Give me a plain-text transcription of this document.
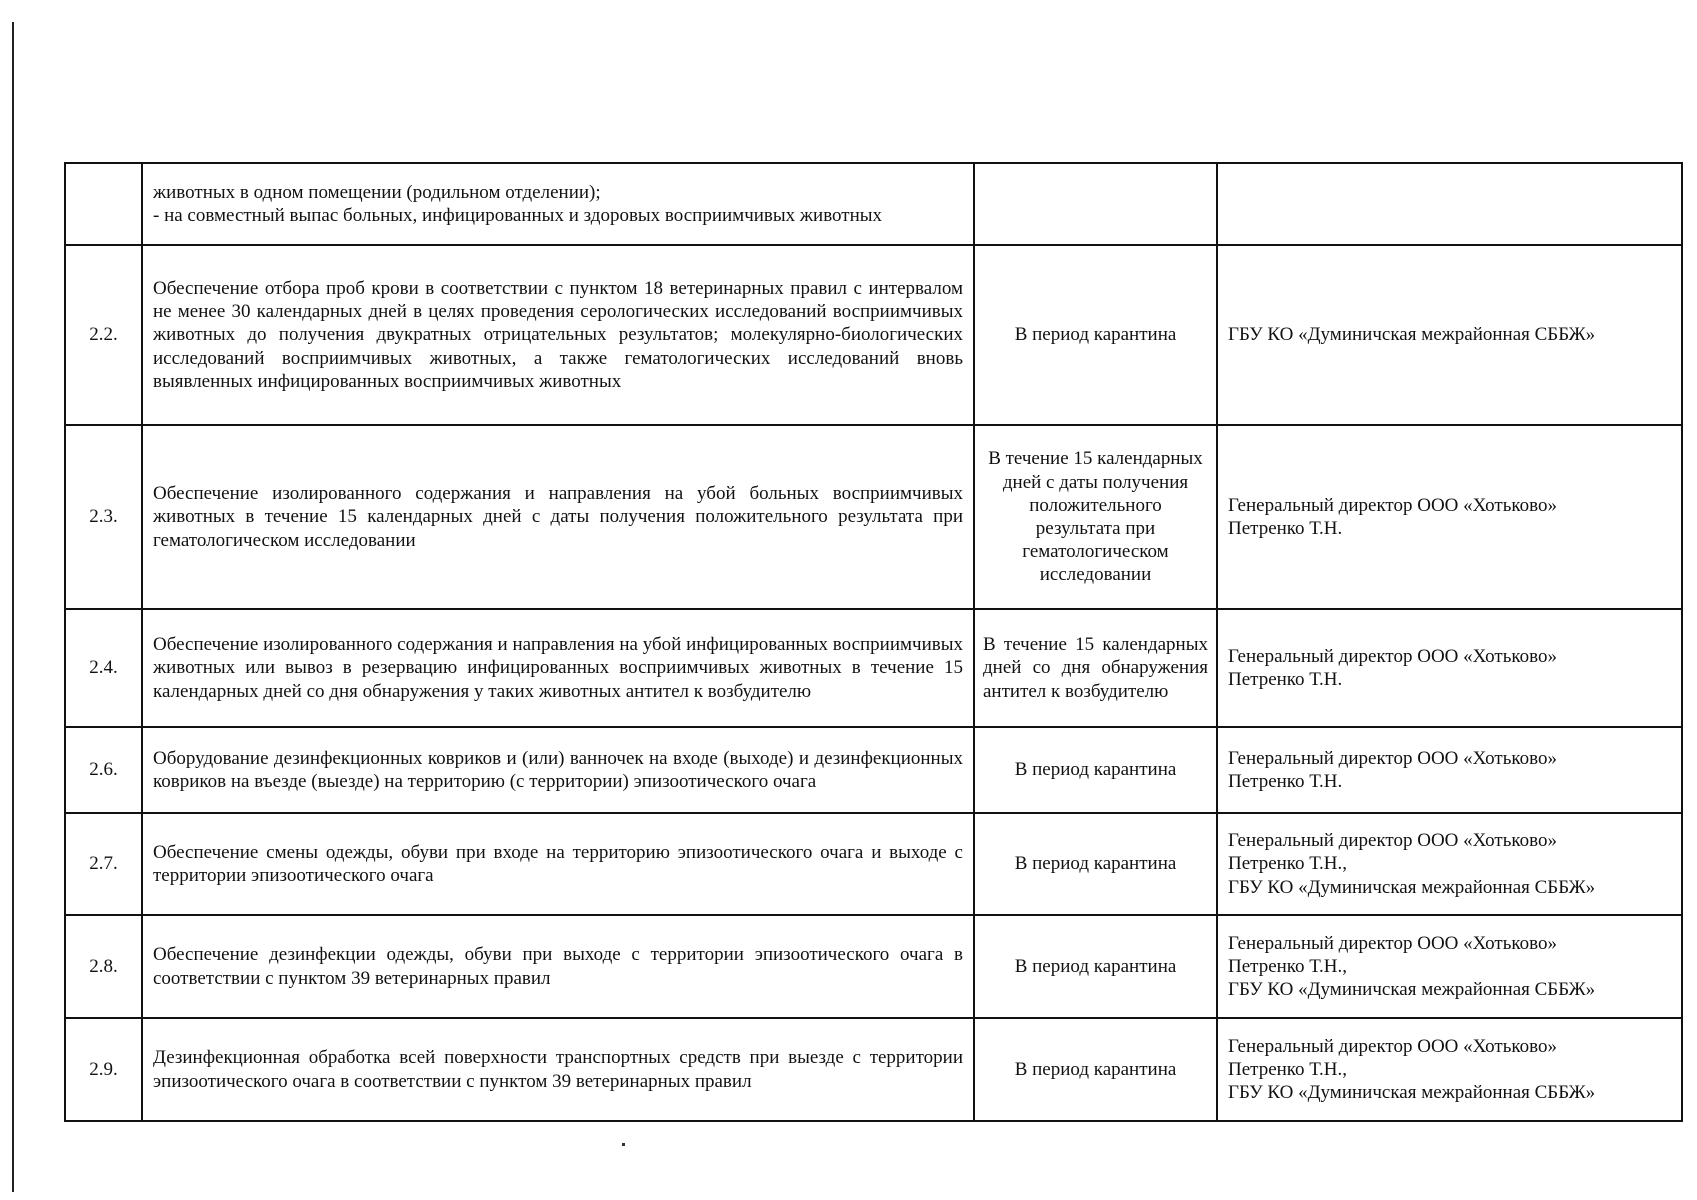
	животных в одном помещении (родильном отделении);
- на совместный выпас больных, инфицированных и здоровых восприимчивых животных		

2.2.	Обеспечение отбора проб крови в соответствии с пунктом 18 ветеринарных правил с интервалом не менее 30 календарных дней в целях проведения серологических исследований восприимчивых животных до получения двукратных отрицательных результатов; молекулярно-биологических исследований восприимчивых животных, а также гематологических исследований вновь выявленных инфицированных восприимчивых животных	В период карантина	ГБУ КО «Думиничская межрайонная СББЖ»

2.3.	Обеспечение изолированного содержания и направления на убой больных восприимчивых животных в течение 15 календарных дней с даты получения положительного результата при гематологическом исследовании	В течение 15 календарных дней с даты получения положительного результата при гематологическом исследовании	Генеральный директор ООО «Хотьково»
Петренко Т.Н.

2.4.	Обеспечение изолированного содержания и направления на убой инфицированных восприимчивых животных или вывоз в резервацию инфицированных восприимчивых животных в течение 15 календарных дней со дня обнаружения у таких животных антител к возбудителю	В течение 15 календарных дней со дня обнаружения антител к возбудителю	Генеральный директор ООО «Хотьково»
Петренко Т.Н.

2.6.	Оборудование дезинфекционных ковриков и (или) ванночек на входе (выходе) и дезинфекционных ковриков на въезде (выезде) на территорию (с территории) эпизоотического очага	В период карантина	Генеральный директор ООО «Хотьково»
Петренко Т.Н.

2.7.	Обеспечение смены одежды, обуви при входе на территорию эпизоотического очага и выходе с территории эпизоотического очага	В период карантина	Генеральный директор ООО «Хотьково»
Петренко Т.Н.,
ГБУ КО «Думиничская межрайонная СББЖ»

2.8.	Обеспечение дезинфекции одежды, обуви при выходе с территории эпизоотического очага в соответствии с пунктом 39 ветеринарных правил	В период карантина	Генеральный директор ООО «Хотьково»
Петренко Т.Н.,
ГБУ КО «Думиничская межрайонная СББЖ»

2.9.	Дезинфекционная обработка всей поверхности транспортных средств при выезде с территории эпизоотического очага в соответствии с пунктом 39 ветеринарных правил	В период карантина	Генеральный директор ООО «Хотьково»
Петренко Т.Н.,
ГБУ КО «Думиничская межрайонная СББЖ»
